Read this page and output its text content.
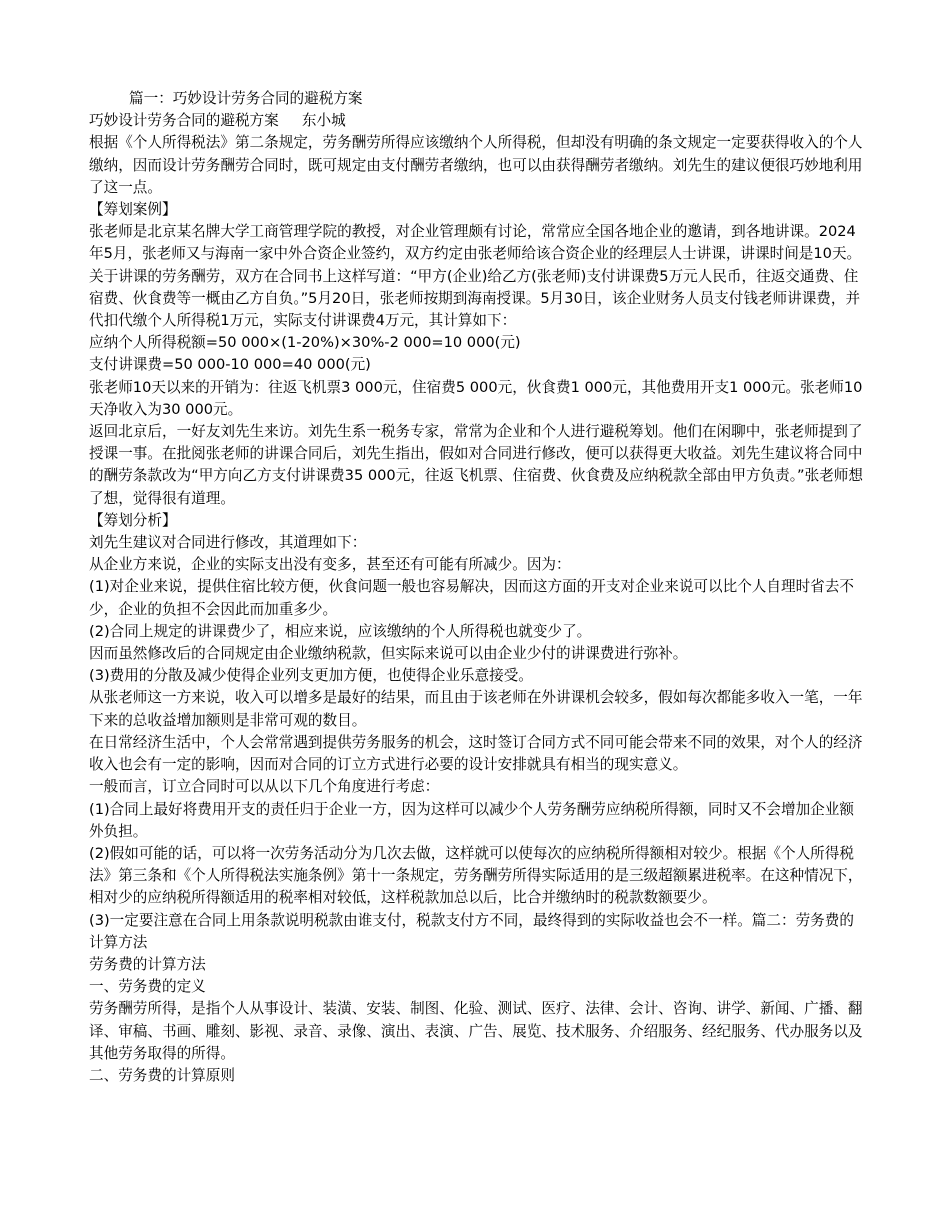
篇一：巧妙设计劳务合同的避税方案

巧妙设计劳务合同的避税方案     东小城

根据《个人所得税法》第二条规定，劳务酬劳所得应该缴纳个人所得税，但却没有明确的条文规定一定要获得收入的个人缴纳，因而设计劳务酬劳合同时，既可规定由支付酬劳者缴纳，也可以由获得酬劳者缴纳。刘先生的建议便很巧妙地利用了这一点。

【筹划案例】

张老师是北京某名牌大学工商管理学院的教授，对企业管理颇有讨论，常常应全国各地企业的邀请，到各地讲课。2024年5月，张老师又与海南一家中外合资企业签约，双方约定由张老师给该合资企业的经理层人士讲课，讲课时间是10天。关于讲课的劳务酬劳，双方在合同书上这样写道：“甲方(企业)给乙方(张老师)支付讲课费5万元人民币，往返交通费、住宿费、伙食费等一概由乙方自负。”5月20日，张老师按期到海南授课。5月30日，该企业财务人员支付钱老师讲课费，并代扣代缴个人所得税1万元，实际支付讲课费4万元，其计算如下：

应纳个人所得税额=50 000×(1-20%)×30%-2 000=10 000(元)

支付讲课费=50 000-10 000=40 000(元)

张老师10天以来的开销为：往返飞机票3 000元，住宿费5 000元，伙食费1 000元，其他费用开支1 000元。张老师10天净收入为30 000元。

返回北京后，一好友刘先生来访。刘先生系一税务专家，常常为企业和个人进行避税筹划。他们在闲聊中，张老师提到了授课一事。在批阅张老师的讲课合同后，刘先生指出，假如对合同进行修改，便可以获得更大收益。刘先生建议将合同中的酬劳条款改为“甲方向乙方支付讲课费35 000元，往返飞机票、住宿费、伙食费及应纳税款全部由甲方负责。”张老师想了想，觉得很有道理。

【筹划分析】

刘先生建议对合同进行修改，其道理如下：

从企业方来说，企业的实际支出没有变多，甚至还有可能有所减少。因为：

(1)对企业来说，提供住宿比较方便，伙食问题一般也容易解决，因而这方面的开支对企业来说可以比个人自理时省去不少，企业的负担不会因此而加重多少。

(2)合同上规定的讲课费少了，相应来说，应该缴纳的个人所得税也就变少了。

因而虽然修改后的合同规定由企业缴纳税款，但实际来说可以由企业少付的讲课费进行弥补。

(3)费用的分散及减少使得企业列支更加方便，也使得企业乐意接受。

从张老师这一方来说，收入可以增多是最好的结果，而且由于该老师在外讲课机会较多，假如每次都能多收入一笔，一年下来的总收益增加额则是非常可观的数目。

在日常经济生活中，个人会常常遇到提供劳务服务的机会，这时签订合同方式不同可能会带来不同的效果，对个人的经济收入也会有一定的影响，因而对合同的订立方式进行必要的设计安排就具有相当的现实意义。

一般而言，订立合同时可以从以下几个角度进行考虑：

(1)合同上最好将费用开支的责任归于企业一方，因为这样可以减少个人劳务酬劳应纳税所得额，同时又不会增加企业额外负担。

(2)假如可能的话，可以将一次劳务活动分为几次去做，这样就可以使每次的应纳税所得额相对较少。根据《个人所得税法》第三条和《个人所得税法实施条例》第十一条规定，劳务酬劳所得实际适用的是三级超额累进税率。在这种情况下，相对少的应纳税所得额适用的税率相对较低，这样税款加总以后，比合并缴纳时的税款数额要少。

(3)一定要注意在合同上用条款说明税款由谁支付，税款支付方不同，最终得到的实际收益也会不一样。篇二：劳务费的计算方法

劳务费的计算方法

一、劳务费的定义

劳务酬劳所得，是指个人从事设计、装潢、安装、制图、化验、测试、医疗、法律、会计、咨询、讲学、新闻、广播、翻译、审稿、书画、雕刻、影视、录音、录像、演出、表演、广告、展览、技术服务、介绍服务、经纪服务、代办服务以及其他劳务取得的所得。

二、劳务费的计算原则
